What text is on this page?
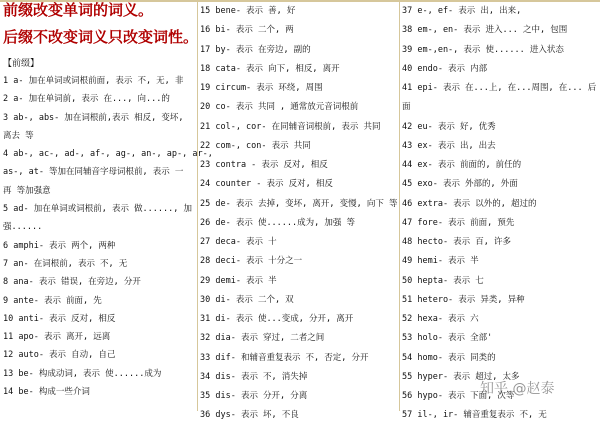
前缀改变单词的词义。
后缀不改变词义只改变词性。
【前缀】
1 a- 加在单词或词根前面, 表示 不, 无, 非
2 a- 加在单词前, 表示 在..., 向...的
3 ab-, abs- 加在词根前,表示 相反, 变坏,
离去 等
4 ab-, ac-, ad-, af-, ag-, an-, ap-, ar-,
as-, at- 等加在同辅音字母词根前, 表示 一
再 等加强意
5 ad- 加在单词或词根前, 表示 做......, 加
强......
6 amphi- 表示 两个, 两种
7 an- 在词根前, 表示 不, 无
8 ana- 表示 错误, 在旁边, 分开
9 ante- 表示 前面, 先
10 anti- 表示 反对, 相反
11 apo- 表示 离开, 远离
12 auto- 表示 自动, 自己
13 be- 构成动词, 表示 使......成为
14 be- 构成一些介词
15 bene- 表示 善, 好
16 bi- 表示 二个, 两
17 by- 表示 在旁边, 副的
18 cata- 表示 向下, 相反, 离开
19 circum- 表示 环绕, 周围
20 co- 表示 共同 , 通常放元音词根前
21 col-, cor- 在同辅音词根前, 表示 共同
22 com-, con- 表示 共同
23 contra - 表示 反对, 相反
24 counter - 表示 反对, 相反
25 de- 表示 去掉, 变坏, 离开, 变慢, 向下 等
26 de- 表示 使......成为, 加强 等
27 deca- 表示 十
28 deci- 表示 十分之一
29 demi- 表示 半
30 di- 表示 二个, 双
31 di- 表示 使...变成, 分开, 离开
32 dia- 表示 穿过, 二者之间
33 dif- 和辅音重复表示 不, 否定, 分开
34 dis- 表示 不, 消失掉
35 dis- 表示 分开, 分离
36 dys- 表示 坏, 不良
37 e-, ef- 表示 出, 出来,
38 em-, en- 表示 进入... 之中, 包围
39 em-,en-, 表示 使...... 进入状态
40 endo- 表示 内部
41 epi- 表示 在...上, 在...周围, 在... 后
面
42 eu- 表示 好, 优秀
43 ex- 表示 出, 出去
44 ex- 表示 前面的, 前任的
45 exo- 表示 外部的, 外面
46 extra- 表示 以外的, 超过的
47 fore- 表示 前面, 预先
48 hecto- 表示 百, 许多
49 hemi- 表示 半
50 hepta- 表示 七
51 hetero- 表示 异类, 异种
52 hexa- 表示 六
53 holo- 表示 全部'
54 homo- 表示 同类的
55 hyper- 表示 超过, 太多
56 hypo- 表示 下面, 次等
57 il-, ir- 辅音重复表示 不, 无
知乎 @赵泰
